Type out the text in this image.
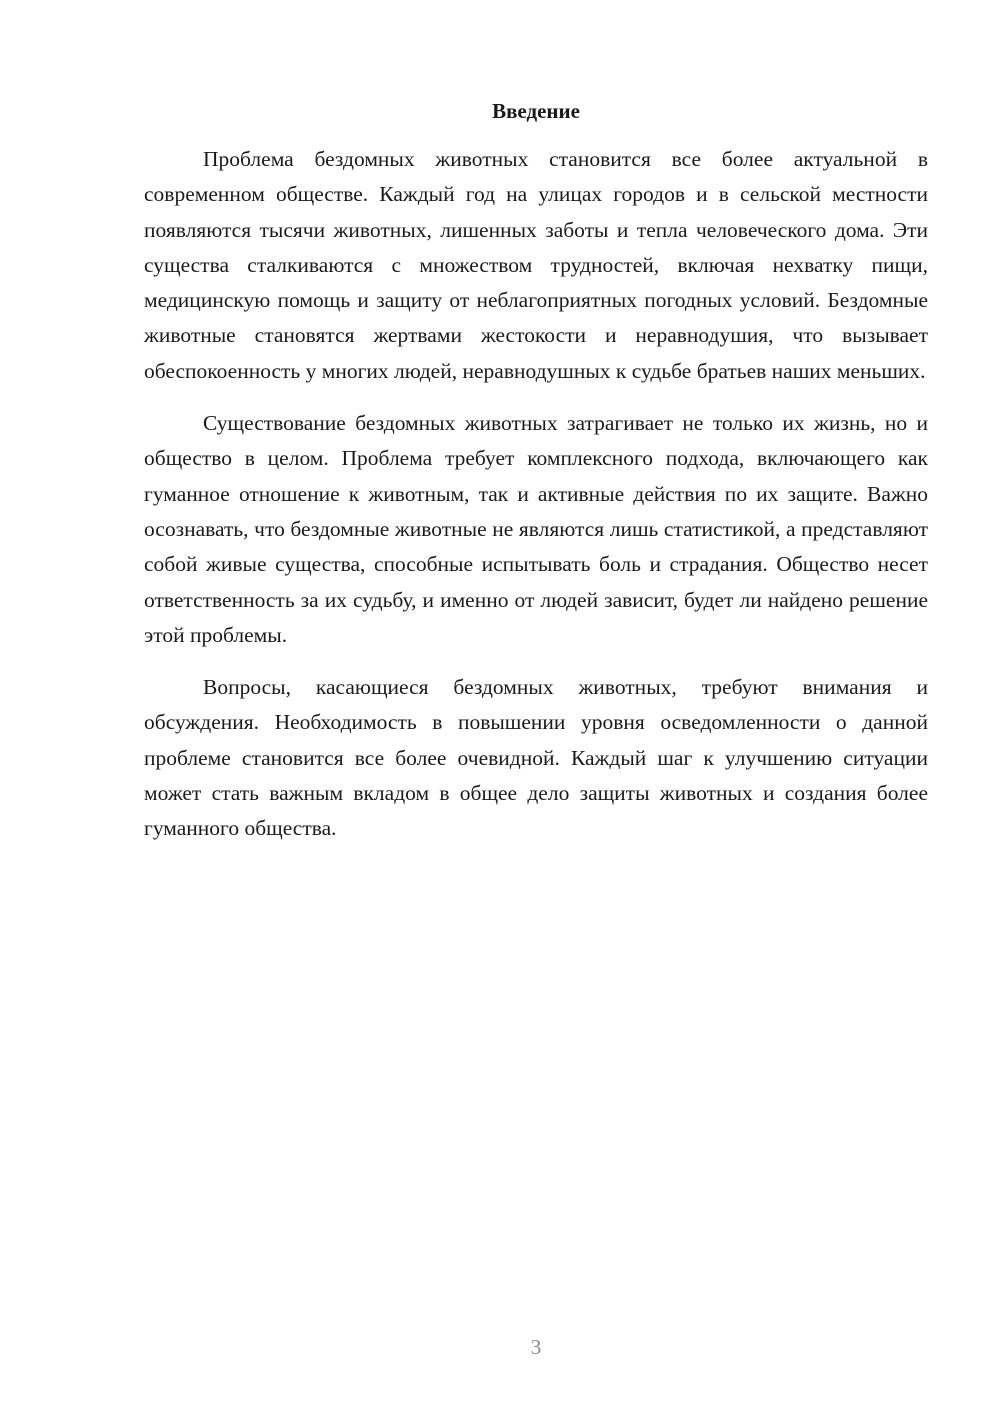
Введение

Проблема бездомных животных становится все более актуальной в современном обществе. Каждый год на улицах городов и в сельской местности появляются тысячи животных, лишенных заботы и тепла человеческого дома. Эти существа сталкиваются с множеством трудностей, включая нехватку пищи, медицинскую помощь и защиту от неблагоприятных погодных условий. Бездомные животные становятся жертвами жестокости и неравнодушия, что вызывает обеспокоенность у многих людей, неравнодушных к судьбе братьев наших меньших.

Существование бездомных животных затрагивает не только их жизнь, но и общество в целом. Проблема требует комплексного подхода, включающего как гуманное отношение к животным, так и активные действия по их защите. Важно осознавать, что бездомные животные не являются лишь статистикой, а представляют собой живые существа, способные испытывать боль и страдания. Общество несет ответственность за их судьбу, и именно от людей зависит, будет ли найдено решение этой проблемы.

Вопросы, касающиеся бездомных животных, требуют внимания и обсуждения. Необходимость в повышении уровня осведомленности о данной проблеме становится все более очевидной. Каждый шаг к улучшению ситуации может стать важным вкладом в общее дело защиты животных и создания более гуманного общества.

3
